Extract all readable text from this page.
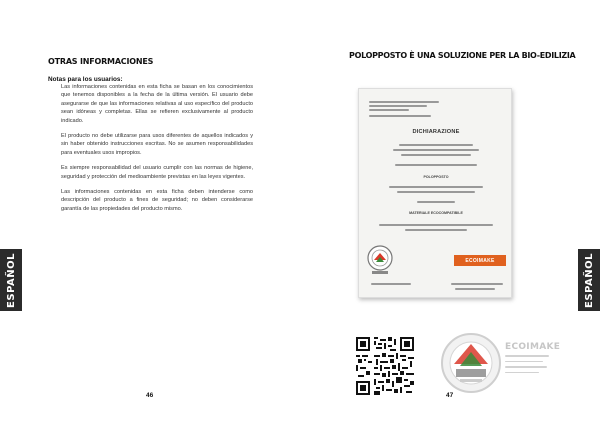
ESPAÑOL
OTRAS INFORMACIONES
Notas para los usuarios:

Las informaciones contenidas en esta ficha se basan en los conocimientos que tenemos disponibles a la fecha de la última versión. El usuario debe asegurarse de que las informaciones relativas al uso específico del producto sean idóneas y completas. Ellas se refieren exclusivamente al producto indicado.

El producto no debe utilizarse para usos diferentes de aquellos indicados y sin haber obtenido instrucciones escritas. No se asumen responsabilidades para eventuales usos impropios.

Es siempre responsabilidad del usuario cumplir con las normas de higiene, seguridad y protección del medioambiente previstas en las leyes vigentes.

Las informaciones contenidas en esta ficha deben intenderse como descripción del producto a fines de seguridad; no deben considerarse garantía de las propiedades del producto mismo.

46
POLOPPOSTO È UNA SOLUZIONE PER LA BIO-EDILIZIA
DICHIARAZIONE
POLOPPOSTO
MATERIALE ECOCOMPATIBILE
ECOIMAKE
ECOIMAKE
ESPAÑOL
47
